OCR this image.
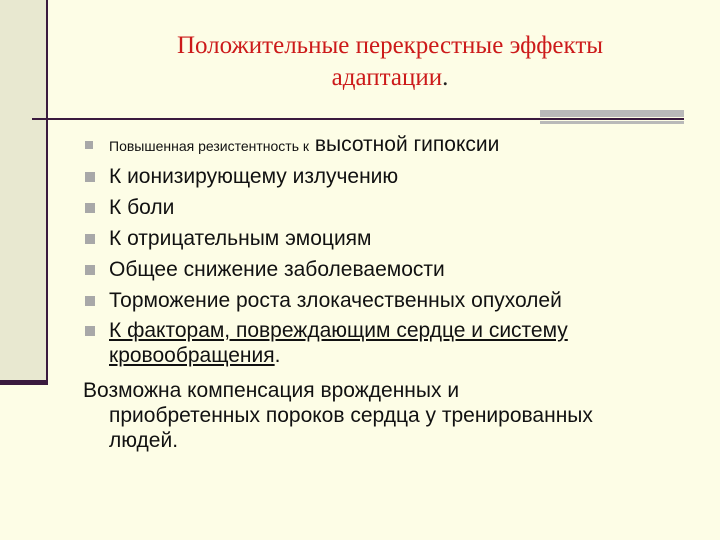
Положительные перекрестные эффекты
адаптации.
Повышенная резистентность к высотной гипоксии
К ионизирующему излучению
К боли
К отрицательным эмоциям
Общее снижение заболеваемости
Торможение роста злокачественных опухолей
К факторам, повреждающим сердце и систему
кровообращения.
Возможна компенсация врожденных и
приобретенных пороков сердца у тренированных
людей.
